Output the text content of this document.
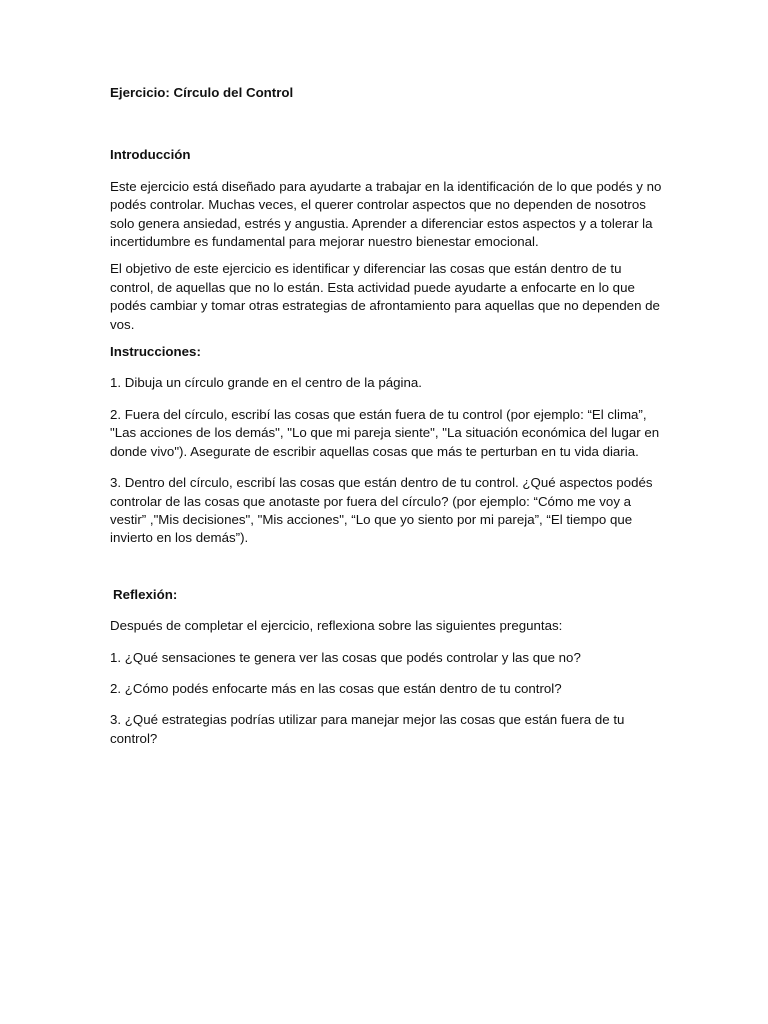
Ejercicio: Círculo del Control

Introducción

Este ejercicio está diseñado para ayudarte a trabajar en la identificación de lo que podés y no podés controlar. Muchas veces, el querer controlar aspectos que no dependen de nosotros solo genera ansiedad, estrés y angustia. Aprender a diferenciar estos aspectos y a tolerar la incertidumbre es fundamental para mejorar nuestro bienestar emocional.

El objetivo de este ejercicio es identificar y diferenciar las cosas que están dentro de tu control, de aquellas que no lo están. Esta actividad puede ayudarte a enfocarte en lo que podés cambiar y tomar otras estrategias de afrontamiento para aquellas que no dependen de vos.

Instrucciones:

1. Dibuja un círculo grande en el centro de la página.

2. Fuera del círculo, escribí las cosas que están fuera de tu control (por ejemplo: “El clima”, "Las acciones de los demás", "Lo que mi pareja siente", "La situación económica del lugar en donde vivo"). Asegurate de escribir aquellas cosas que más te perturban en tu vida diaria.

3. Dentro del círculo, escribí las cosas que están dentro de tu control. ¿Qué aspectos podés controlar de las cosas que anotaste por fuera del círculo? (por ejemplo: “Cómo me voy a vestir” ,"Mis decisiones", "Mis acciones", “Lo que yo siento por mi pareja”, “El tiempo que invierto en los demás”).

Reflexión:

Después de completar el ejercicio, reflexiona sobre las siguientes preguntas:

1. ¿Qué sensaciones te genera ver las cosas que podés controlar y las que no?

2. ¿Cómo podés enfocarte más en las cosas que están dentro de tu control?

3. ¿Qué estrategias podrías utilizar para manejar mejor las cosas que están fuera de tu control?
